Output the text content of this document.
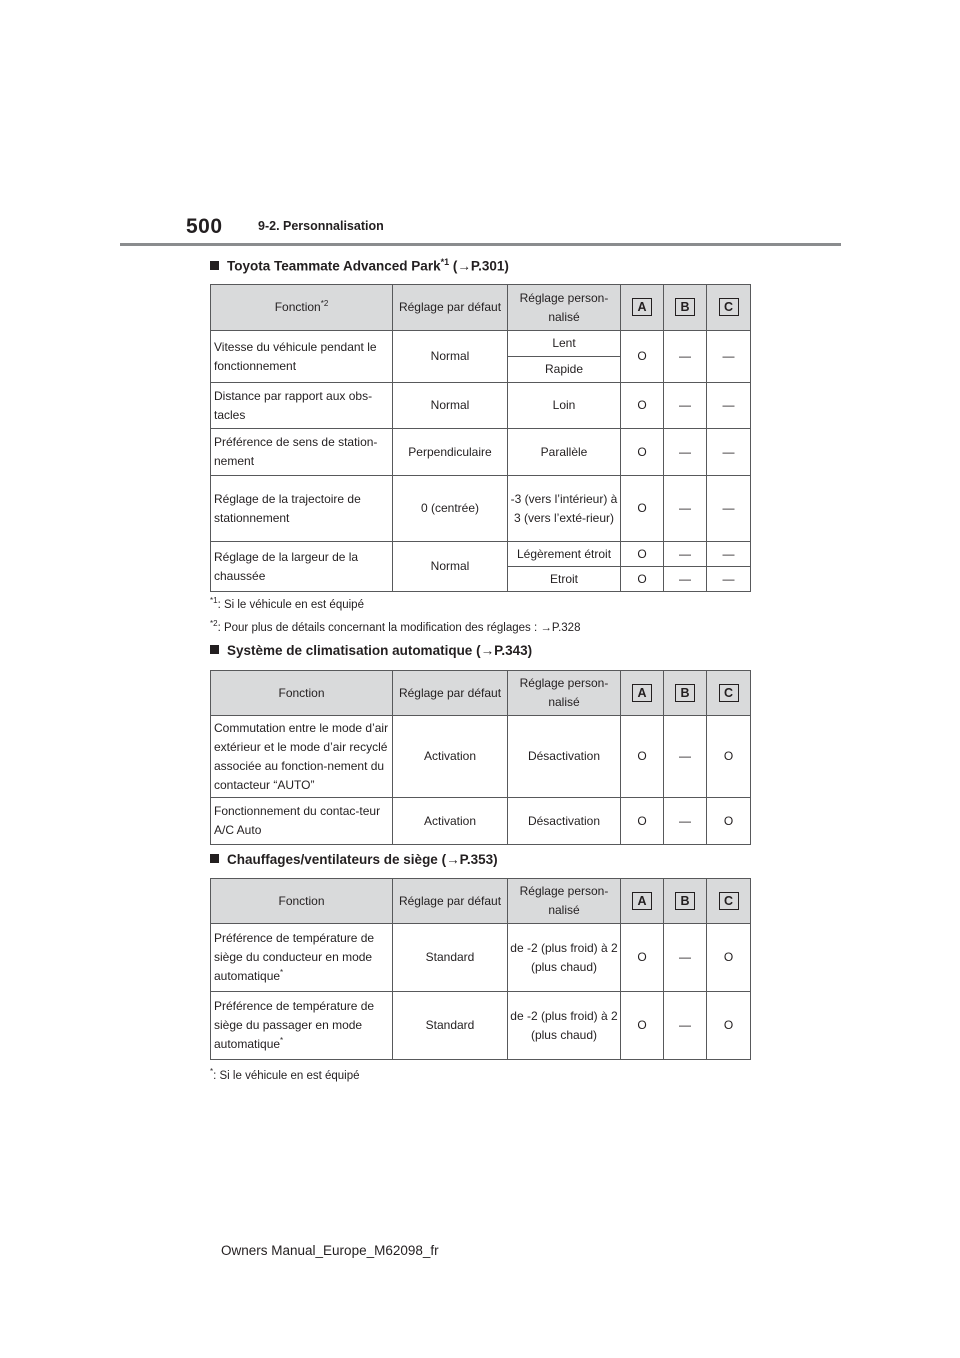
500	9-2. Personnalisation
Toyota Teammate Advanced Park$^{*1}$ (→P.301)
Fonction$^{*2}$	Réglage par défaut	Réglage person-nalisé	A	B	C
Vitesse du véhicule pendant le fonctionnement	Normal	Lent	O	—	—
		Rapide			
Distance par rapport aux obs-tacles	Normal	Loin	O	—	—
Préférence de sens de station-nement	Perpendiculaire	Parallèle	O	—	—
Réglage de la trajectoire de stationnement	0 (centrée)	-3 (vers l’intérieur) à 3 (vers l’exté-rieur)	O	—	—
Réglage de la largeur de la chaussée	Normal	Légèrement étroit	O	—	—
		Etroit	O	—	—
$^{*1}$: Si le véhicule en est équipé
$^{*2}$: Pour plus de détails concernant la modification des réglages : →P.328
Système de climatisation automatique (→P.343)
Fonction	Réglage par défaut	Réglage person-nalisé	A	B	C
Commutation entre le mode d’air extérieur et le mode d’air recyclé associée au fonction-nement du contacteur “AUTO”	Activation	Désactivation	O	—	O
Fonctionnement du contac-teur A/C Auto	Activation	Désactivation	O	—	O
Chauffages/ventilateurs de siège (→P.353)
Fonction	Réglage par défaut	Réglage person-nalisé	A	B	C
Préférence de température de siège du conducteur en mode automatique*	Standard	de -2 (plus froid) à 2 (plus chaud)	O	—	O
Préférence de température de siège du passager en mode automatique*	Standard	de -2 (plus froid) à 2 (plus chaud)	O	—	O
*: Si le véhicule en est équipé
Owners Manual_Europe_M62098_fr
